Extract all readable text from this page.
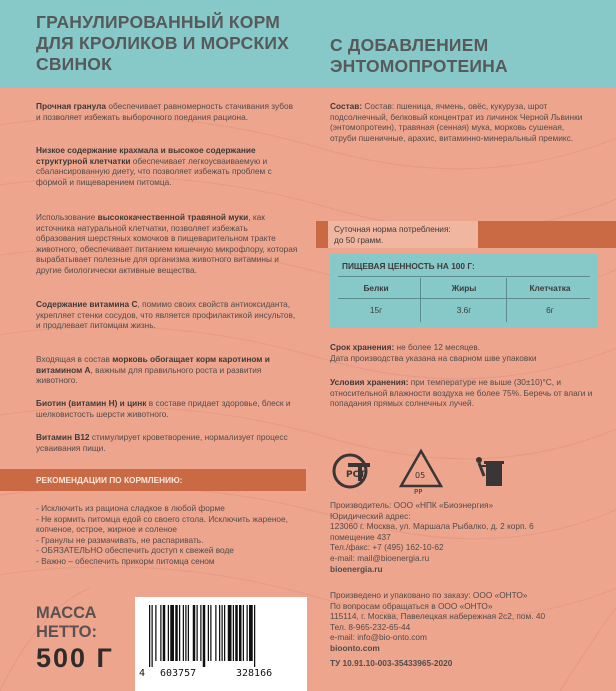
ГРАНУЛИРОВАННЫЙ КОРМ ДЛЯ КРОЛИКОВ И МОРСКИХ СВИНОК
С ДОБАВЛЕНИЕМ ЭНТОМОПРОТЕИНА
Прочная гранула обеспечивает равномерность стачивания зубов и позволяет избежать выборочного поедания рациона.
Низкое содержание крахмала и высокое содержание структурной клетчатки обеспечивает легкоусваиваемую и сбалансированную диету, что позволяет избежать проблем с формой и пищеварением питомца.
Использование высококачественной травяной муки, как источника натуральной клетчатки, позволяет избежать образования шерстяных комочков в пищеварительном тракте животного, обеспечивает питанием кишечную микрофлору, которая вырабатывает полезные для организма животного витамины и другие биологически активные вещества.
Содержание витамина С, помимо своих свойств антиоксиданта, укрепляет стенки сосудов, что является профилактикой инсультов, и продлевает питомцам жизнь.
Входящая в состав морковь обогащает корм каротином и витамином А, важным для правильного роста и развития животного.
Биотин (витамин Н) и цинк в составе придает здоровье, блеск и шелковистость шерсти животного.
Витамин В12 стимулирует кроветворение, нормализует процесс усваивания пищи.
РЕКОМЕНДАЦИИ ПО КОРМЛЕНИЮ:
- Исключить из рациона сладкое в любой форме
- Не кормить питомца едой со своего стола. Исключить жареное, копченое, острое, жирное и соленое
- Гранулы не размачивать, не распаривать.
- ОБЯЗАТЕЛЬНО обеспечить доступ к свежей воде
- Важно – обеспечить прикорм питомца сеном
Состав: Состав: пшеница, ячмень, овёс, кукуруза, шрот подсолнечный, белковый концентрат из личинок Черной Львинки (энтомопротеин), травяная (сенная) мука, морковь сушеная, отруби пшеничные, арахис, витаминно-минеральный премикс.
Суточная норма потребления:
до 50 грамм.
ПИЩЕВАЯ ЦЕННОСТЬ НА 100 Г:
Белки
15г
Жиры
3.6г
Клетчатка
6г
Срок хранения: не более 12 месяцев.
Дата производства указана на сварном шве упаковки
Условия хранения: при температуре не выше (30±10)°С, и относительной влажности воздуха не более 75%. Беречь от влаги и попадания прямых солнечных лучей.
РСТ	05
PP
Производитель: ООО «НПК «Биоэнергия»
Юридический адрес:
123060 г. Москва, ул. Маршала Рыбалко, д. 2 корп. 6
помещение 437
Тел./факс: +7 (495) 162-10-62
e-mail: mail@bioenergia.ru
bioenergia.ru
Произведено и упаковано по заказу: ООО «ОНТО»
По вопросам обращаться в ООО «ОНТО»
115114, г. Москва, Павелецкая набережная 2с2, пом. 40
Тел. 8-965-232-65-44
e-mail: info@bio-onto.com
bioonto.com
ТУ 10.91.10-003-35433965-2020
МАССА
НЕТТО:
500 Г
4 603757	328166
